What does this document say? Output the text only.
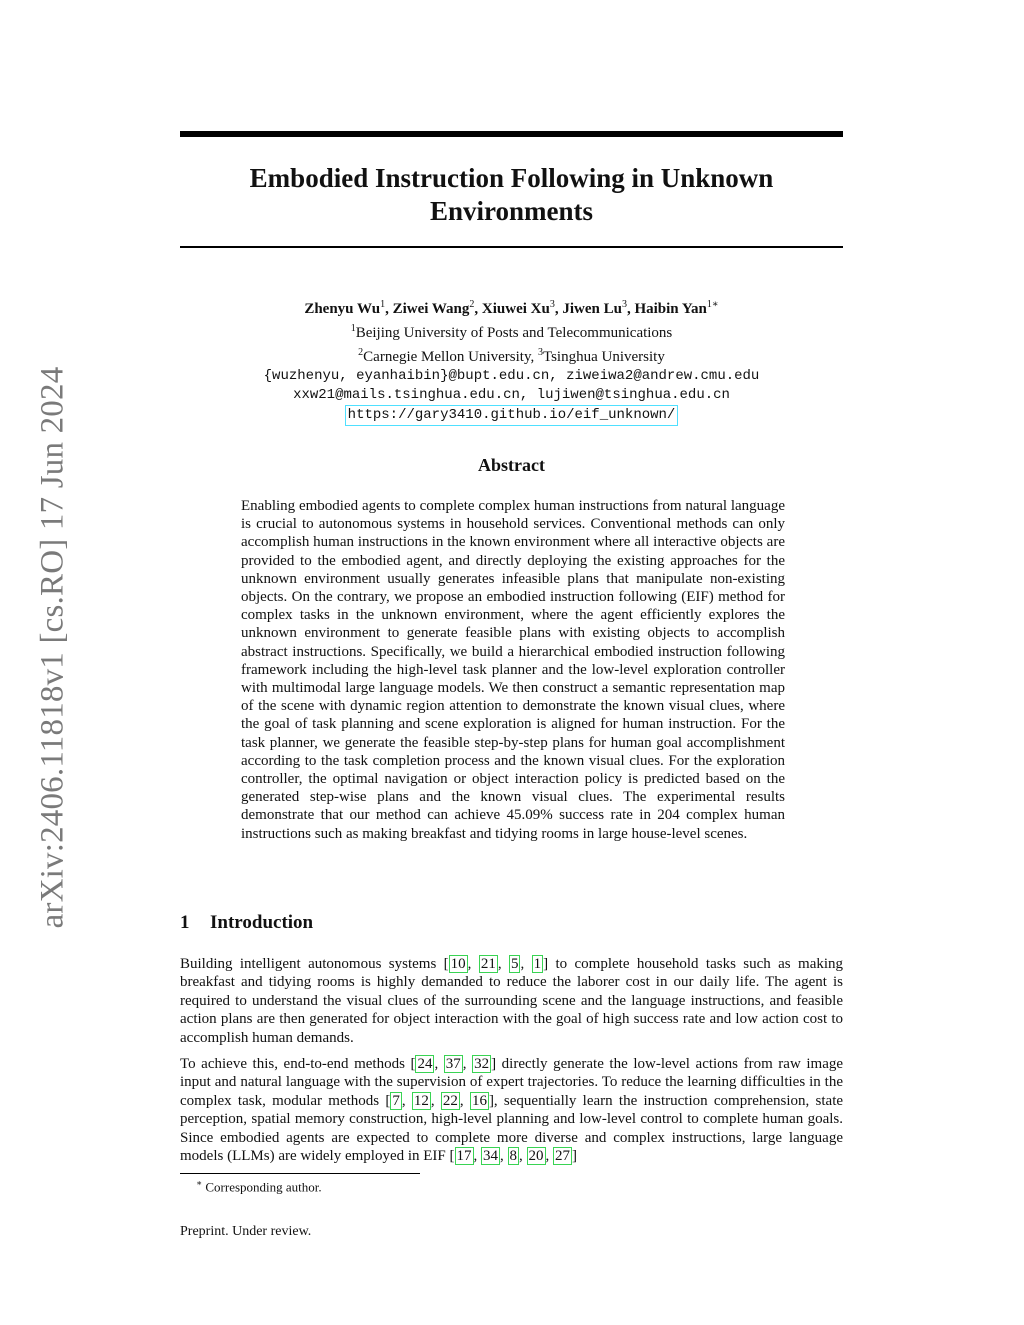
arXiv:2406.11818v1 [cs.RO] 17 Jun 2024
Embodied Instruction Following in Unknown Environments
Zhenyu Wu$^1$, Ziwei Wang$^2$, Xiuwei Xu$^3$, Jiwen Lu$^3$, Haibin Yan$^{1∗}$
$^1$Beijing University of Posts and Telecommunications
$^2$Carnegie Mellon University, $^3$Tsinghua University
{wuzhenyu, eyanhaibin}@bupt.edu.cn, ziweiwa2@andrew.cmu.edu
xxw21@mails.tsinghua.edu.cn, lujiwen@tsinghua.edu.cn
https://gary3410.github.io/eif_unknown/
Abstract

Enabling embodied agents to complete complex human instructions from natural language is crucial to autonomous systems in household services. Conventional methods can only accomplish human instructions in the known environment where all interactive objects are provided to the embodied agent, and directly deploying the existing approaches for the unknown environment usually generates infeasible plans that manipulate non-existing objects. On the contrary, we propose an embodied instruction following (EIF) method for complex tasks in the unknown environment, where the agent efficiently explores the unknown environment to generate feasible plans with existing objects to accomplish abstract instructions. Specifically, we build a hierarchical embodied instruction following framework including the high-level task planner and the low-level exploration controller with multimodal large language models. We then construct a semantic representation map of the scene with dynamic region attention to demonstrate the known visual clues, where the goal of task planning and scene exploration is aligned for human instruction. For the task planner, we generate the feasible step-by-step plans for human goal accomplishment according to the task completion process and the known visual clues. For the exploration controller, the optimal navigation or object interaction policy is predicted based on the generated step-wise plans and the known visual clues. The experimental results demonstrate that our method can achieve 45.09% success rate in 204 complex human instructions such as making breakfast and tidying rooms in large house-level scenes.

1 Introduction

Building intelligent autonomous systems [ 10 , 21 , 5 , 1 ] to complete household tasks such as making breakfast and tidying rooms is highly demanded to reduce the laborer cost in our daily life. The agent is required to understand the visual clues of the surrounding scene and the language instructions, and feasible action plans are then generated for object interaction with the goal of high success rate and low action cost to accomplish human demands.

To achieve this, end-to-end methods [ 24 , 37 , 32 ] directly generate the low-level actions from raw image input and natural language with the supervision of expert trajectories. To reduce the learning difficulties in the complex task, modular methods [ 7 , 12 , 22 , 16 ], sequentially learn the instruction comprehension, state perception, spatial memory construction, high-level planning and low-level control to complete human goals. Since embodied agents are expected to complete more diverse and complex instructions, large language models (LLMs) are widely employed in EIF [ 17 , 34 , 8 , 20 , 27 ]

∗ Corresponding author.

Preprint. Under review.
